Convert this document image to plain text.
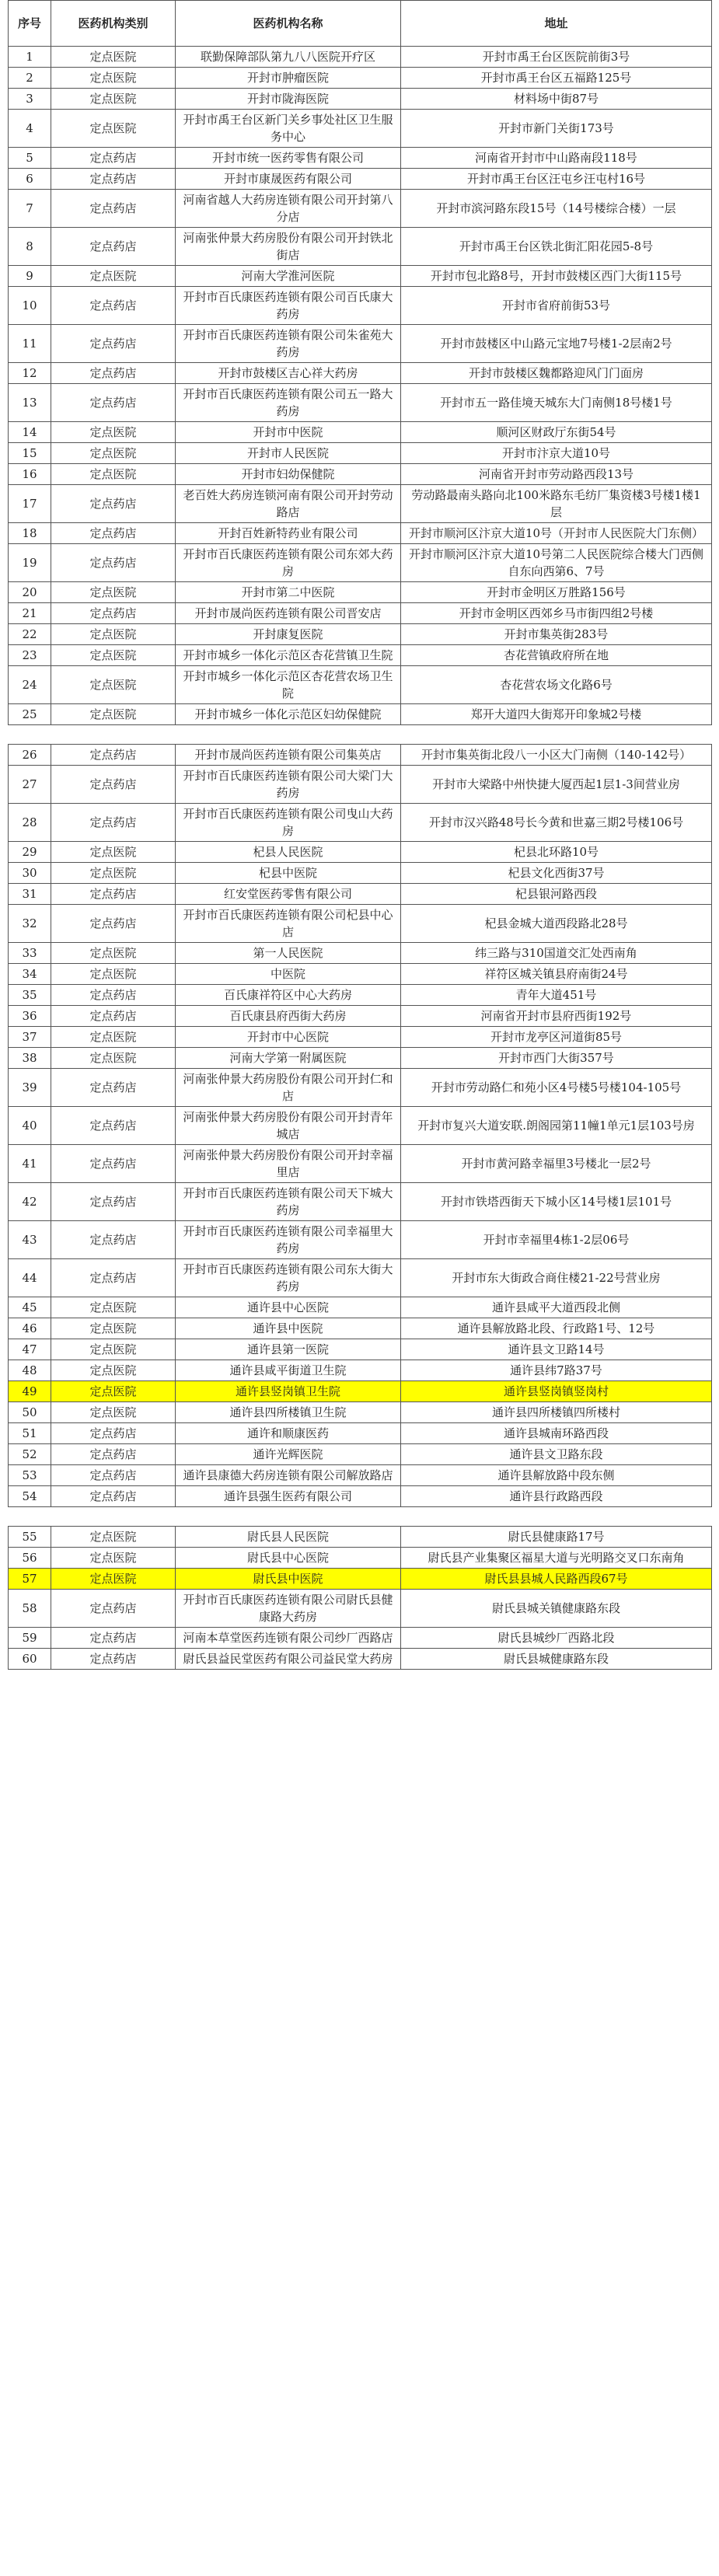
序号	医药机构类别	医药机构名称	地址
1	定点医院	联勤保障部队第九八八医院开疗区	开封市禹王台区医院前街3号
2	定点医院	开封市肿瘤医院	开封市禹王台区五福路125号
3	定点医院	开封市陇海医院	材料场中街87号
4	定点医院	开封市禹王台区新门关乡事处社区卫生服务中心	开封市新门关街173号
5	定点药店	开封市统一医药零售有限公司	河南省开封市中山路南段118号
6	定点药店	开封市康晟医药有限公司	开封市禹王台区汪屯乡汪屯村16号
7	定点药店	河南省越人大药房连锁有限公司开封第八分店	开封市滨河路东段15号（14号楼综合楼）一层
8	定点药店	河南张仲景大药房股份有限公司开封铁北街店	开封市禹王台区铁北街汇阳花园5-8号
9	定点医院	河南大学淮河医院	开封市包北路8号，开封市鼓楼区西门大街115号
10	定点药店	开封市百氏康医药连锁有限公司百氏康大药房	开封市省府前街53号
11	定点药店	开封市百氏康医药连锁有限公司朱雀苑大药房	开封市鼓楼区中山路元宝地7号楼1-2层南2号
12	定点药店	开封市鼓楼区吉心祥大药房	开封市鼓楼区魏都路迎风门门面房
13	定点药店	开封市百氏康医药连锁有限公司五一路大药房	开封市五一路佳境天城东大门南侧18号楼1号
14	定点医院	开封市中医院	顺河区财政厅东街54号
15	定点医院	开封市人民医院	开封市汴京大道10号
16	定点医院	开封市妇幼保健院	河南省开封市劳动路西段13号
17	定点药店	老百姓大药房连锁河南有限公司开封劳动路店	劳动路最南头路向北100米路东毛纺厂集资楼3号楼1楼1层
18	定点药店	开封百姓新特药业有限公司	开封市顺河区汴京大道10号（开封市人民医院大门东侧）
19	定点药店	开封市百氏康医药连锁有限公司东郊大药房	开封市顺河区汴京大道10号第二人民医院综合楼大门西侧自东向西第6、7号
20	定点医院	开封市第二中医院	开封市金明区万胜路156号
21	定点药店	开封市晟尚医药连锁有限公司晋安店	开封市金明区西郊乡马市街四组2号楼
22	定点医院	开封康复医院	开封市集英街283号
23	定点医院	开封市城乡一体化示范区杏花营镇卫生院	杏花营镇政府所在地
24	定点医院	开封市城乡一体化示范区杏花营农场卫生院	杏花营农场文化路6号
25	定点医院	开封市城乡一体化示范区妇幼保健院	郑开大道四大街郑开印象城2号楼
26	定点药店	开封市晟尚医药连锁有限公司集英店	开封市集英街北段八一小区大门南侧（140-142号）
27	定点药店	开封市百氏康医药连锁有限公司大梁门大药房	开封市大梁路中州快捷大厦西起1层1-3间营业房
28	定点药店	开封市百氏康医药连锁有限公司曳山大药房	开封市汉兴路48号长今黄和世嘉三期2号楼106号
29	定点医院	杞县人民医院	杞县北环路10号
30	定点医院	杞县中医院	杞县文化西街37号
31	定点药店	红安堂医药零售有限公司	杞县银河路西段
32	定点药店	开封市百氏康医药连锁有限公司杞县中心店	杞县金城大道西段路北28号
33	定点医院	第一人民医院	纬三路与310国道交汇处西南角
34	定点医院	中医院	祥符区城关镇县府南街24号
35	定点药店	百氏康祥符区中心大药房	青年大道451号
36	定点药店	百氏康县府西街大药房	河南省开封市县府西街192号
37	定点医院	开封市中心医院	开封市龙亭区河道街85号
38	定点医院	河南大学第一附属医院	开封市西门大街357号
39	定点药店	河南张仲景大药房股份有限公司开封仁和店	开封市劳动路仁和苑小区4号楼5号楼104-105号
40	定点药店	河南张仲景大药房股份有限公司开封青年城店	开封市复兴大道安联.朗阁园第11幢1单元1层103号房
41	定点药店	河南张仲景大药房股份有限公司开封幸福里店	开封市黄河路幸福里3号楼北一层2号
42	定点药店	开封市百氏康医药连锁有限公司天下城大药房	开封市铁塔西街天下城小区14号楼1层101号
43	定点药店	开封市百氏康医药连锁有限公司幸福里大药房	开封市幸福里4栋1-2层06号
44	定点药店	开封市百氏康医药连锁有限公司东大街大药房	开封市东大街政合商住楼21-22号营业房
45	定点医院	通许县中心医院	通许县咸平大道西段北侧
46	定点医院	通许县中医院	通许县解放路北段、行政路1号、12号
47	定点医院	通许县第一医院	通许县文卫路14号
48	定点医院	通许县咸平街道卫生院	通许县纬7路37号
49	定点医院	通许县竖岗镇卫生院	通许县竖岗镇竖岗村
50	定点医院	通许县四所楼镇卫生院	通许县四所楼镇四所楼村
51	定点药店	通许和顺康医药	通许县城南环路西段
52	定点药店	通许光辉医院	通许县文卫路东段
53	定点药店	通许县康德大药房连锁有限公司解放路店	通许县解放路中段东侧
54	定点药店	通许县强生医药有限公司	通许县行政路西段
55	定点医院	尉氏县人民医院	尉氏县健康路17号
56	定点医院	尉氏县中心医院	尉氏县产业集聚区福星大道与光明路交叉口东南角
57	定点医院	尉氏县中医院	尉氏县县城人民路西段67号
58	定点药店	开封市百氏康医药连锁有限公司尉氏县健康路大药房	尉氏县城关镇健康路东段
59	定点药店	河南本草堂医药连锁有限公司纱厂西路店	尉氏县城纱厂西路北段
60	定点药店	尉氏县益民堂医药有限公司益民堂大药房	尉氏县城健康路东段
